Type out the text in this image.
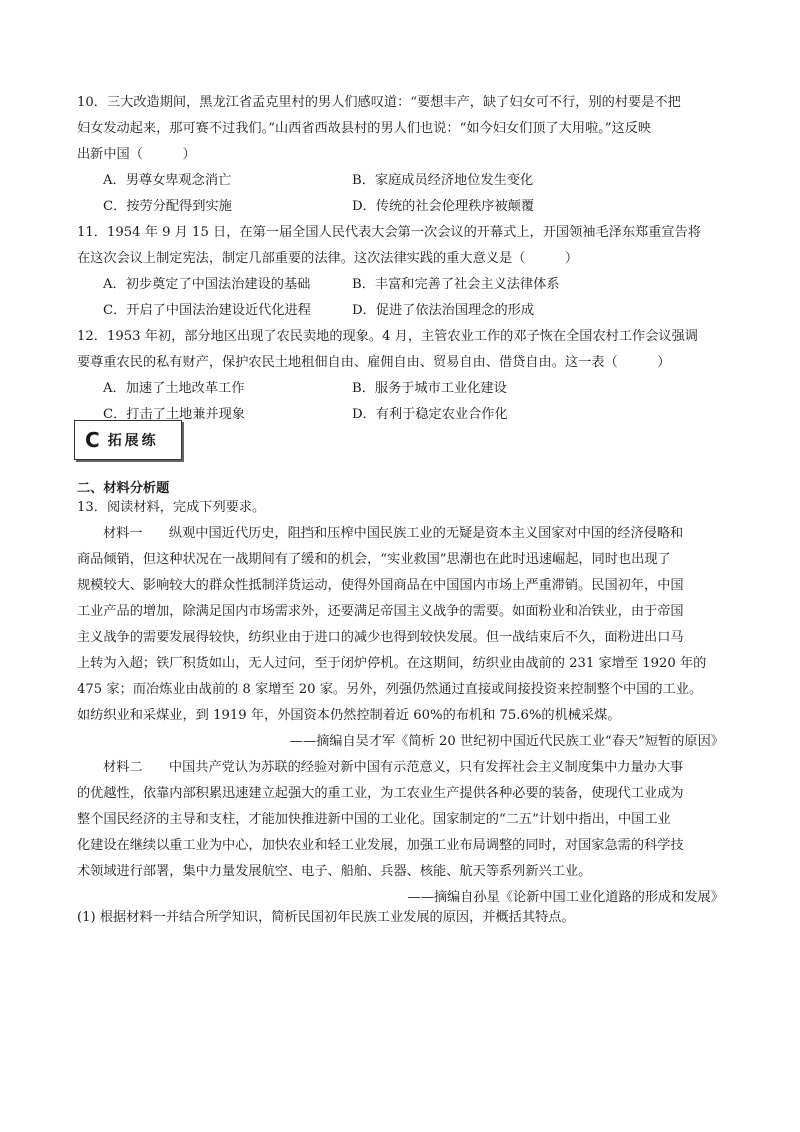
10．三大改造期间，黑龙江省孟克里村的男人们感叹道：“要想丰产，缺了妇女可不行，别的村要是不把
妇女发动起来，那可赛不过我们。”山西省西故县村的男人们也说：“如今妇女们顶了大用啦。”这反映
出新中国（　　　）
A．男尊女卑观念消亡	B．家庭成员经济地位发生变化
C．按劳分配得到实施	D．传统的社会伦理秩序被颠覆
11．1954 年 9 月 15 日，在第一届全国人民代表大会第一次会议的开幕式上，开国领袖毛泽东郑重宣告将
在这次会议上制定宪法，制定几部重要的法律。这次法律实践的重大意义是（　　　）
A．初步奠定了中国法治建设的基础	B．丰富和完善了社会主义法律体系
C．开启了中国法治建设近代化进程	D．促进了依法治国理念的形成
12．1953 年初，部分地区出现了农民卖地的现象。4 月，主管农业工作的邓子恢在全国农村工作会议强调
要尊重农民的私有财产，保护农民土地租佃自由、雇佣自由、贸易自由、借贷自由。这一表（　　　）
A．加速了土地改革工作	B．服务于城市工业化建设
C．打击了土地兼并现象	D．有利于稳定农业合作化
C 拓展练
二、材料分析题
13．阅读材料，完成下列要求。
材料一　　纵观中国近代历史，阻挡和压榨中国民族工业的无疑是资本主义国家对中国的经济侵略和
商品倾销，但这种状况在一战期间有了缓和的机会，“实业救国”思潮也在此时迅速崛起，同时也出现了
规模较大、影响较大的群众性抵制洋货运动，使得外国商品在中国国内市场上严重滞销。民国初年，中国
工业产品的增加，除满足国内市场需求外，还要满足帝国主义战争的需要。如面粉业和冶铁业，由于帝国
主义战争的需要发展得较快，纺织业由于进口的减少也得到较快发展。但一战结束后不久，面粉进出口马
上转为入超；铁厂积货如山，无人过问，至于闭炉停机。在这期间，纺织业由战前的 231 家增至 1920 年的
475 家；而冶炼业由战前的 8 家增至 20 家。另外，列强仍然通过直接或间接投资来控制整个中国的工业。
如纺织业和采煤业，到 1919 年，外国资本仍然控制着近 60%的布机和 75.6%的机械采煤。
——摘编自吴才军《简析 20 世纪初中国近代民族工业“春天”短暂的原因》
材料二　　中国共产党认为苏联的经验对新中国有示范意义，只有发挥社会主义制度集中力量办大事
的优越性，依靠内部积累迅速建立起强大的重工业，为工农业生产提供各种必要的装备，使现代工业成为
整个国民经济的主导和支柱，才能加快推进新中国的工业化。国家制定的“二五”计划中指出，中国工业
化建设在继续以重工业为中心，加快农业和轻工业发展，加强工业布局调整的同时，对国家急需的科学技
术领域进行部署，集中力量发展航空、电子、船舶、兵器、核能、航天等系列新兴工业。
——摘编自孙星《论新中国工业化道路的形成和发展》
(1) 根据材料一并结合所学知识，简析民国初年民族工业发展的原因，并概括其特点。
